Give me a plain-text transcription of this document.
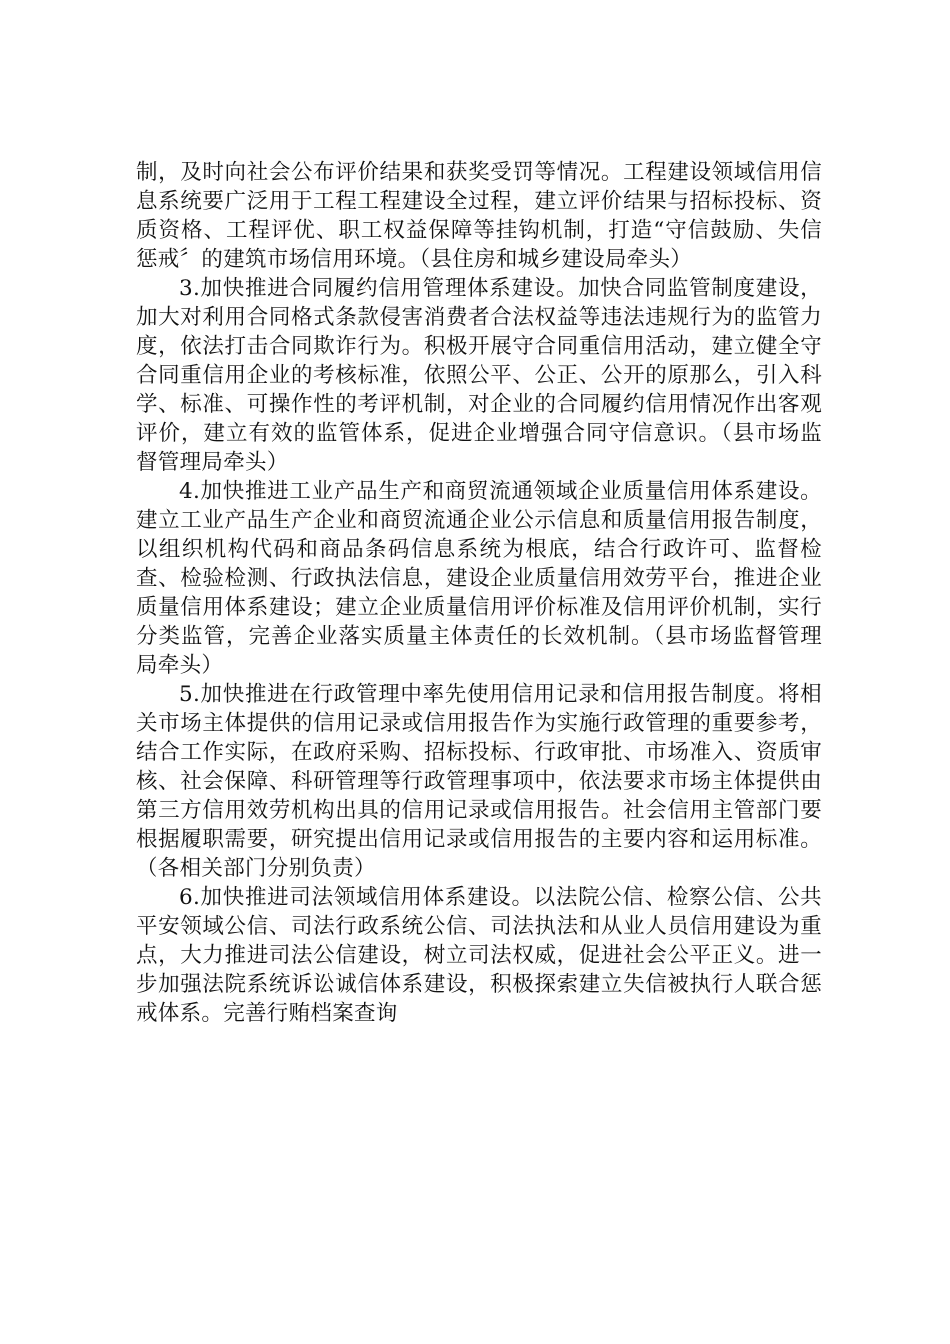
制，及时向社会公布评价结果和获奖受罚等情况。工程建设领域信用信息系统要广泛用于工程工程建设全过程，建立评价结果与招标投标、资质资格、工程评优、职工权益保障等挂钩机制，打造“守信鼓励、失信惩戒〞的建筑市场信用环境。（县住房和城乡建设局牵头）

3.加快推进合同履约信用管理体系建设。加快合同监管制度建设，加大对利用合同格式条款侵害消费者合法权益等违法违规行为的监管力度，依法打击合同欺诈行为。积极开展守合同重信用活动，建立健全守合同重信用企业的考核标准，依照公平、公正、公开的原那么，引入科学、标准、可操作性的考评机制，对企业的合同履约信用情况作出客观评价，建立有效的监管体系，促进企业增强合同守信意识。（县市场监督管理局牵头）

4.加快推进工业产品生产和商贸流通领域企业质量信用体系建设。建立工业产品生产企业和商贸流通企业公示信息和质量信用报告制度，以组织机构代码和商品条码信息系统为根底，结合行政许可、监督检查、检验检测、行政执法信息，建设企业质量信用效劳平台，推进企业质量信用体系建设；建立企业质量信用评价标准及信用评价机制，实行分类监管，完善企业落实质量主体责任的长效机制。（县市场监督管理局牵头）

5.加快推进在行政管理中率先使用信用记录和信用报告制度。将相关市场主体提供的信用记录或信用报告作为实施行政管理的重要参考，结合工作实际，在政府采购、招标投标、行政审批、市场准入、资质审核、社会保障、科研管理等行政管理事项中，依法要求市场主体提供由第三方信用效劳机构出具的信用记录或信用报告。社会信用主管部门要根据履职需要，研究提出信用记录或信用报告的主要内容和运用标准。（各相关部门分别负责）

6.加快推进司法领域信用体系建设。以法院公信、检察公信、公共平安领域公信、司法行政系统公信、司法执法和从业人员信用建设为重点，大力推进司法公信建设，树立司法权威，促进社会公平正义。进一步加强法院系统诉讼诚信体系建设，积极探索建立失信被执行人联合惩戒体系。完善行贿档案查询
